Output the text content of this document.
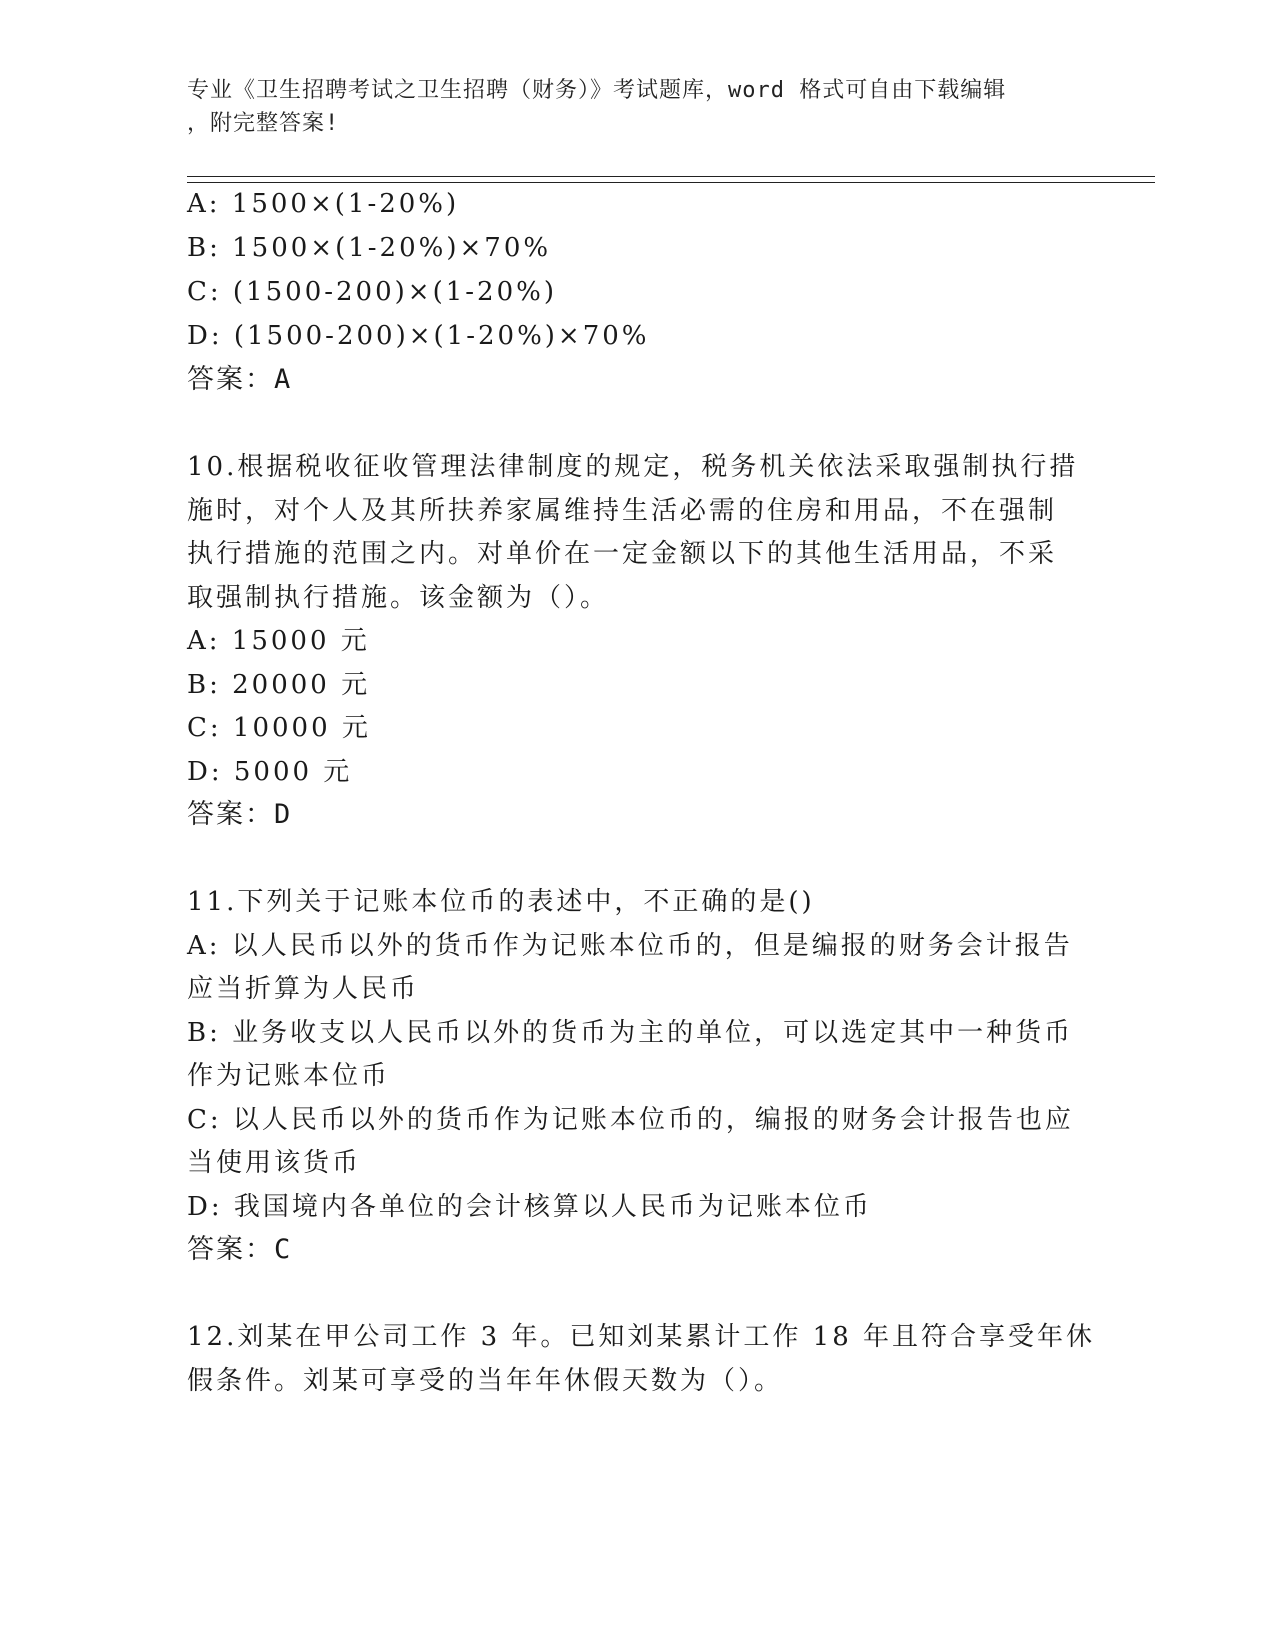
专业《卫生招聘考试之卫生招聘（财务）》考试题库，word 格式可自由下载编辑
，附完整答案!
A: 1500×(1-20%)
B: 1500×(1-20%)×70%
C: (1500-200)×(1-20%)
D: (1500-200)×(1-20%)×70%
答案：A
10.根据税收征收管理法律制度的规定，税务机关依法采取强制执行措
施时，对个人及其所扶养家属维持生活必需的住房和用品，不在强制
执行措施的范围之内。对单价在一定金额以下的其他生活用品，不采
取强制执行措施。该金额为（）。
A: 15000 元
B: 20000 元
C: 10000 元
D: 5000 元
答案：D
11.下列关于记账本位币的表述中，不正确的是()
A: 以人民币以外的货币作为记账本位币的，但是编报的财务会计报告
应当折算为人民币
B: 业务收支以人民币以外的货币为主的单位，可以选定其中一种货币
作为记账本位币
C: 以人民币以外的货币作为记账本位币的，编报的财务会计报告也应
当使用该货币
D: 我国境内各单位的会计核算以人民币为记账本位币
答案：C
12.刘某在甲公司工作 3 年。已知刘某累计工作 18 年且符合享受年休
假条件。刘某可享受的当年年休假天数为（）。
